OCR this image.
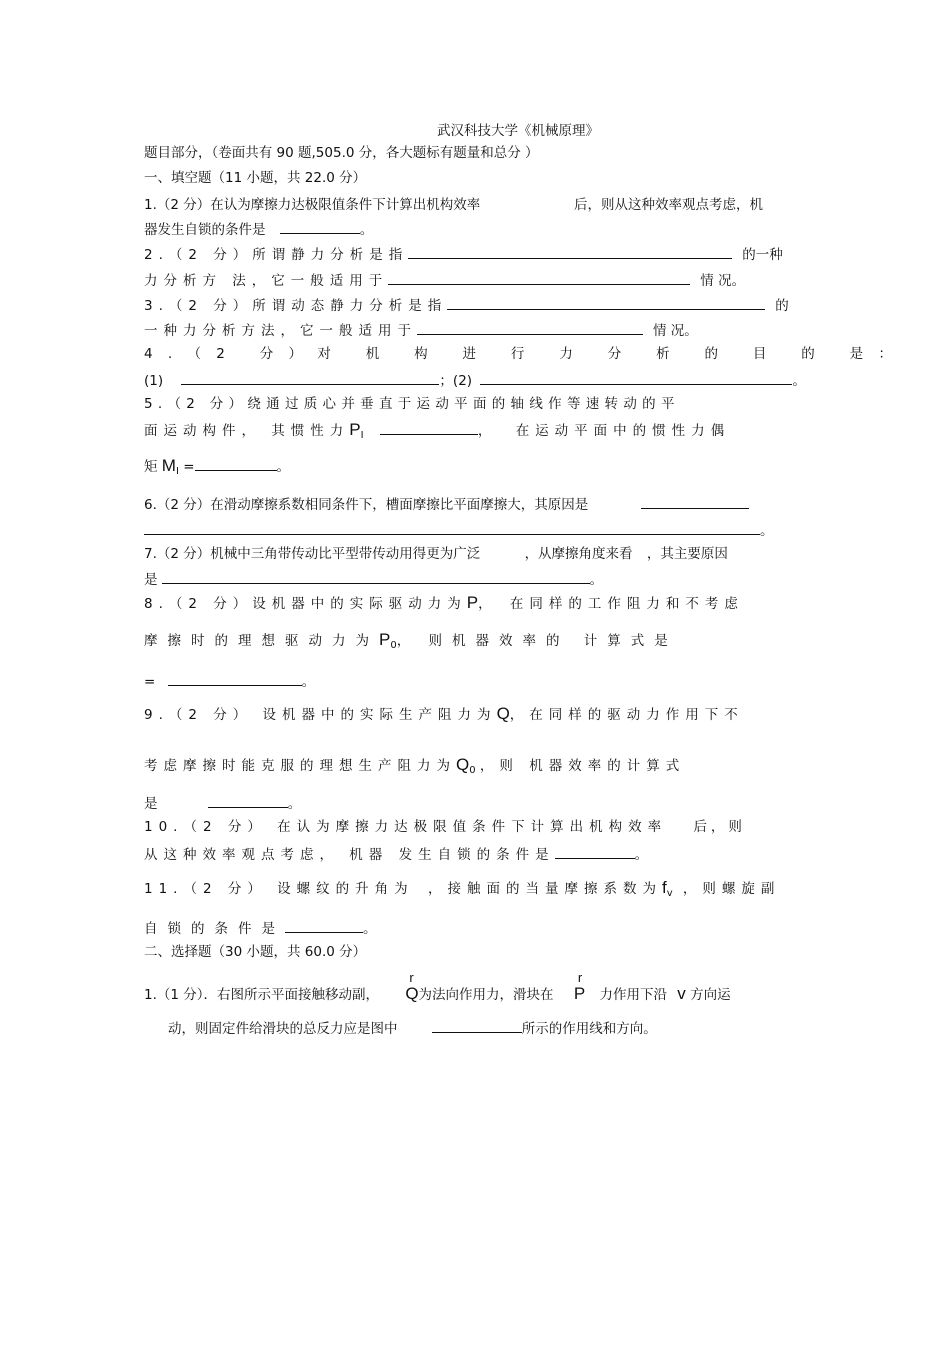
武汉科技大学《机械原理》
题目部分，（卷面共有 90 题,505.0 分，各大题标有题量和总分 ）
一、填空题（11 小题，共 22.0 分）
1.（2 分）在认为摩擦力达极限值条件下计算出机构效率	后，则从这种效率观点考虑，机
器发生自锁的条件是	。
2.（2 分）所谓静力分析是指	的一种
力分析方 法，它一般适用于	情 况。
3.（2 分）所谓动态静力分析是指	的
一种力分析方法，它一般适用于	情 况。
4.（2 分）对 机 构 进 行 力 分 析 的 目 的 是：
(1)	；(2)	。
5.（2 分）绕通过质心并垂直于运动平面的轴线作等速转动的平
面运动构件， 其惯性力$P_I$	， 在运动平面中的惯性力偶
矩 $M_I$ =	。
6.（2 分）在滑动摩擦系数相同条件下，槽面摩擦比平面摩擦大，其原因是
。
7.（2 分）机械中三角带传动比平型带传动用得更为广泛	，从摩擦角度来看 ，其主要原因
是	。
8.（2 分）设机器中的实际驱动力为P， 在同样的工作阻力和不考虑
摩擦时的理想驱动力为$P_0$， 则机器效率的 计算式是
=	。
9.（2 分） 设机器中的实际生产阻力为Q，在同样的驱动力作用下不
考虑摩擦时能克服的理想生产阻力为$Q_0$ ，则 机器效率的计算式
是	。
10.（2 分） 在认为摩擦力达极限值条件下计算出机构效率 后，则
从这种效率观点考虑， 机器 发生自锁的条件是	。
11.（2 分） 设螺纹的升角为 ，接触面的当量摩擦系数为$f_v$ ，则螺旋副
自锁的条件是	。
二、选择题（30 小题，共 60.0 分）
1.（1 分）．右图所示平面接触移动副，
r
Q为法向作用力，滑块在
r
P 力作用下沿 v 方向运
动，则固定件给滑块的总反力应是图中	所示的作用线和方向。
